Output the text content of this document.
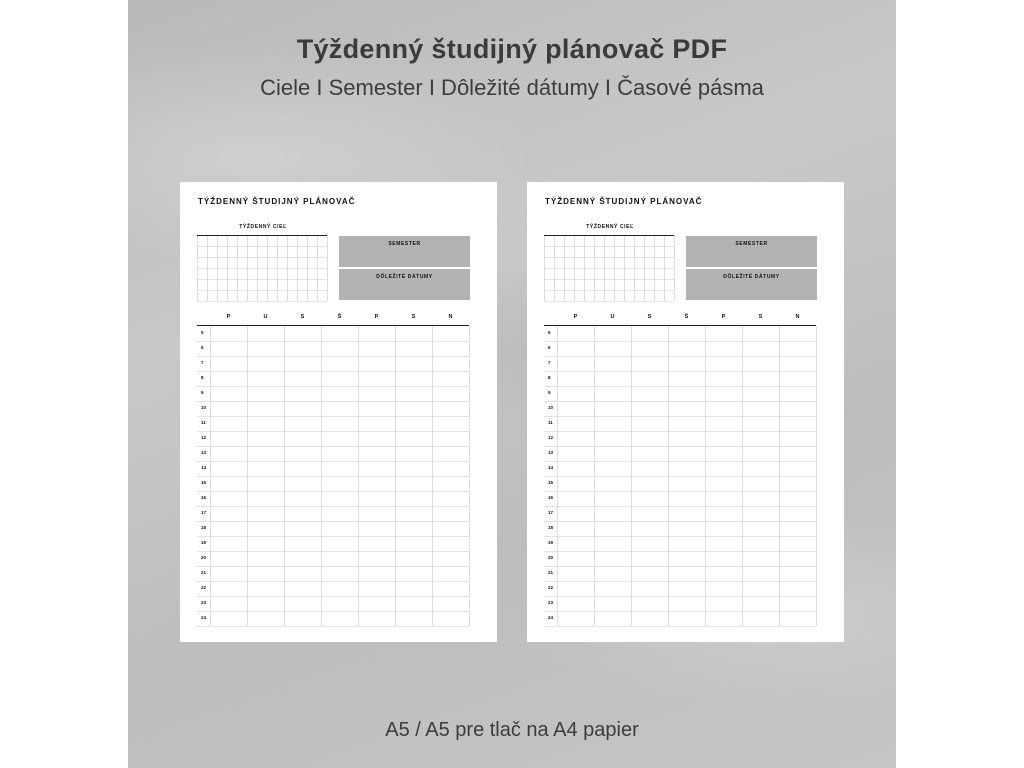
Týždenný študijný plánovač PDF
Ciele I Semester I Dôležité dátumy I Časové pásma
TÝŽDENNÝ ŠTUDIJNÝ PLÁNOVAČ
TÝŽDENNÝ CIEĽ
SEMESTER
DÔLEŽITÉ DÁTUMY
P	U	S	Š	P	S	N
5
6
7
8
9
10
11
12
13
14
15
16
17
18
19
20
21
22
23
24
TÝŽDENNÝ ŠTUDIJNÝ PLÁNOVAČ
TÝŽDENNÝ CIEĽ
SEMESTER
DÔLEŽITÉ DÁTUMY
P	U	S	Š	P	S	N
5
6
7
8
9
10
11
12
13
14
15
16
17
18
19
20
21
22
23
24
A5 / A5 pre tlač na A4 papier
